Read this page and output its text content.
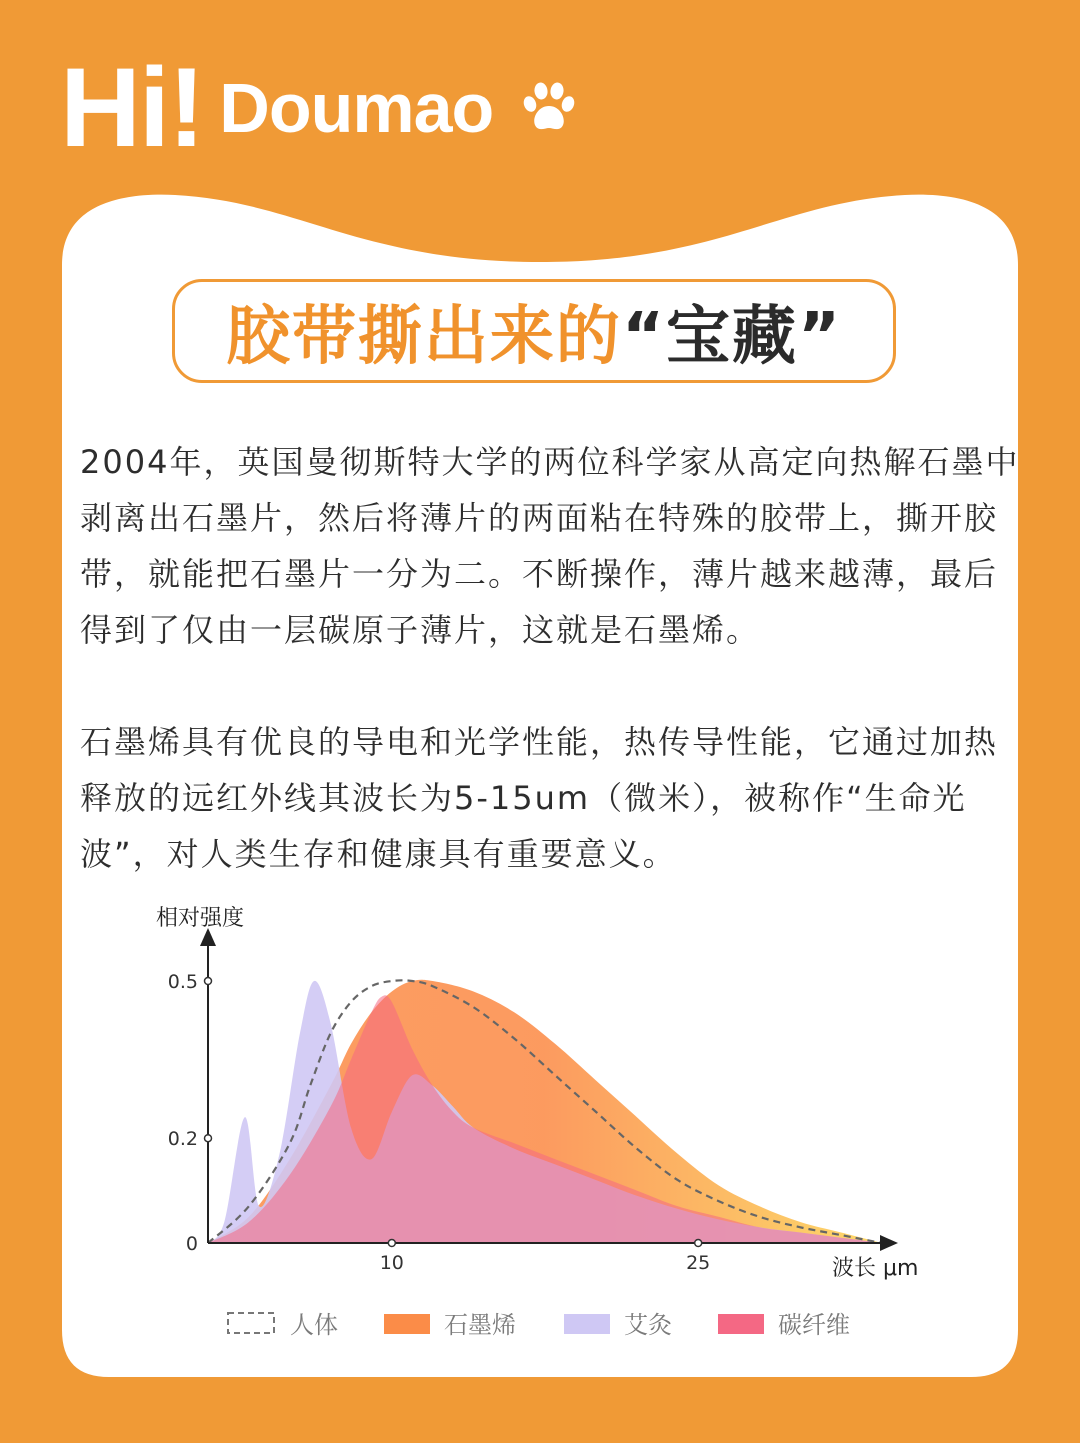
Hi! Doumao
胶带撕出来的“宝藏”

2004年，英国曼彻斯特大学的两位科学家从高定向热解石墨中剥离出石墨片，然后将薄片的两面粘在特殊的胶带上，撕开胶带，就能把石墨片一分为二。不断操作，薄片越来越薄，最后得到了仅由一层碳原子薄片，这就是石墨烯。

石墨烯具有优良的导电和光学性能，热传导性能，它通过加热释放的远红外线其波长为5-15um（微米），被称作“生命光波”，对人类生存和健康具有重要意义。

相对强度
波长 μm
0
0.2
0.5
10	25
人体	石墨烯	艾灸	碳纤维
